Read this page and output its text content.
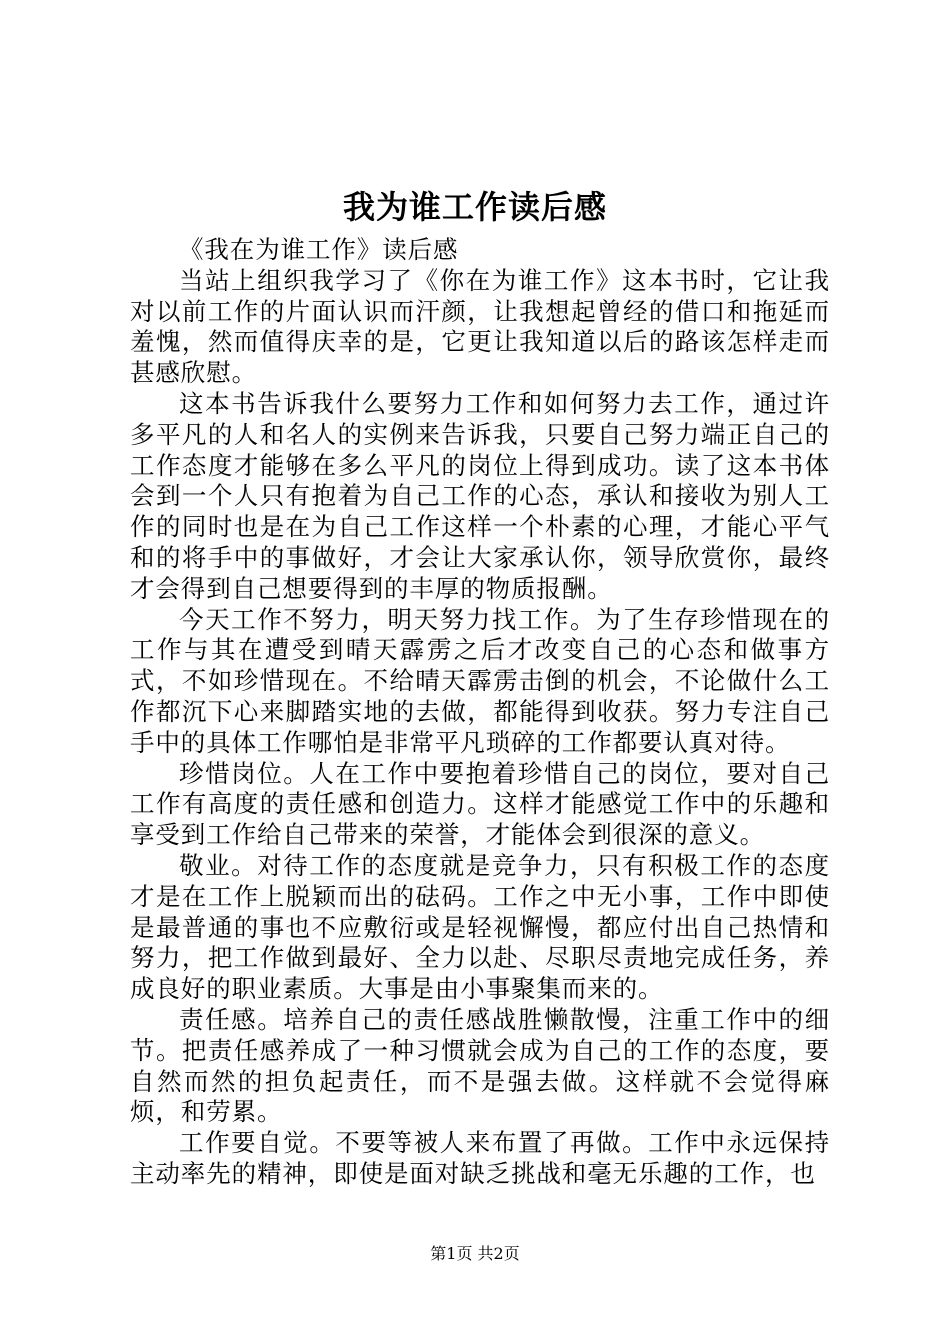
我为谁工作读后感

《我在为谁工作》读后感

当站上组织我学习了《你在为谁工作》这本书时，它让我对以前工作的片面认识而汗颜，让我想起曾经的借口和拖延而羞愧，然而值得庆幸的是，它更让我知道以后的路该怎样走而甚感欣慰。

这本书告诉我什么要努力工作和如何努力去工作，通过许多平凡的人和名人的实例来告诉我，只要自己努力端正自己的工作态度才能够在多么平凡的岗位上得到成功。读了这本书体会到一个人只有抱着为自己工作的心态，承认和接收为别人工作的同时也是在为自己工作这样一个朴素的心理，才能心平气和的将手中的事做好，才会让大家承认你，领导欣赏你，最终才会得到自己想要得到的丰厚的物质报酬。

今天工作不努力，明天努力找工作。为了生存珍惜现在的工作与其在遭受到晴天霹雳之后才改变自己的心态和做事方式，不如珍惜现在。不给晴天霹雳击倒的机会，不论做什么工作都沉下心来脚踏实地的去做，都能得到收获。努力专注自己手中的具体工作哪怕是非常平凡琐碎的工作都要认真对待。

珍惜岗位。人在工作中要抱着珍惜自己的岗位，要对自己工作有高度的责任感和创造力。这样才能感觉工作中的乐趣和享受到工作给自己带来的荣誉，才能体会到很深的意义。

敬业。对待工作的态度就是竞争力，只有积极工作的态度才是在工作上脱颖而出的砝码。工作之中无小事，工作中即使是最普通的事也不应敷衍或是轻视懈慢，都应付出自己热情和努力，把工作做到最好、全力以赴、尽职尽责地完成任务，养成良好的职业素质。大事是由小事聚集而来的。

责任感。培养自己的责任感战胜懒散慢，注重工作中的细节。把责任感养成了一种习惯就会成为自己的工作的态度，要自然而然的担负起责任，而不是强去做。这样就不会觉得麻烦，和劳累。

工作要自觉。不要等被人来布置了再做。工作中永远保持主动率先的精神，即使是面对缺乏挑战和毫无乐趣的工作，也

第1页 共2页
